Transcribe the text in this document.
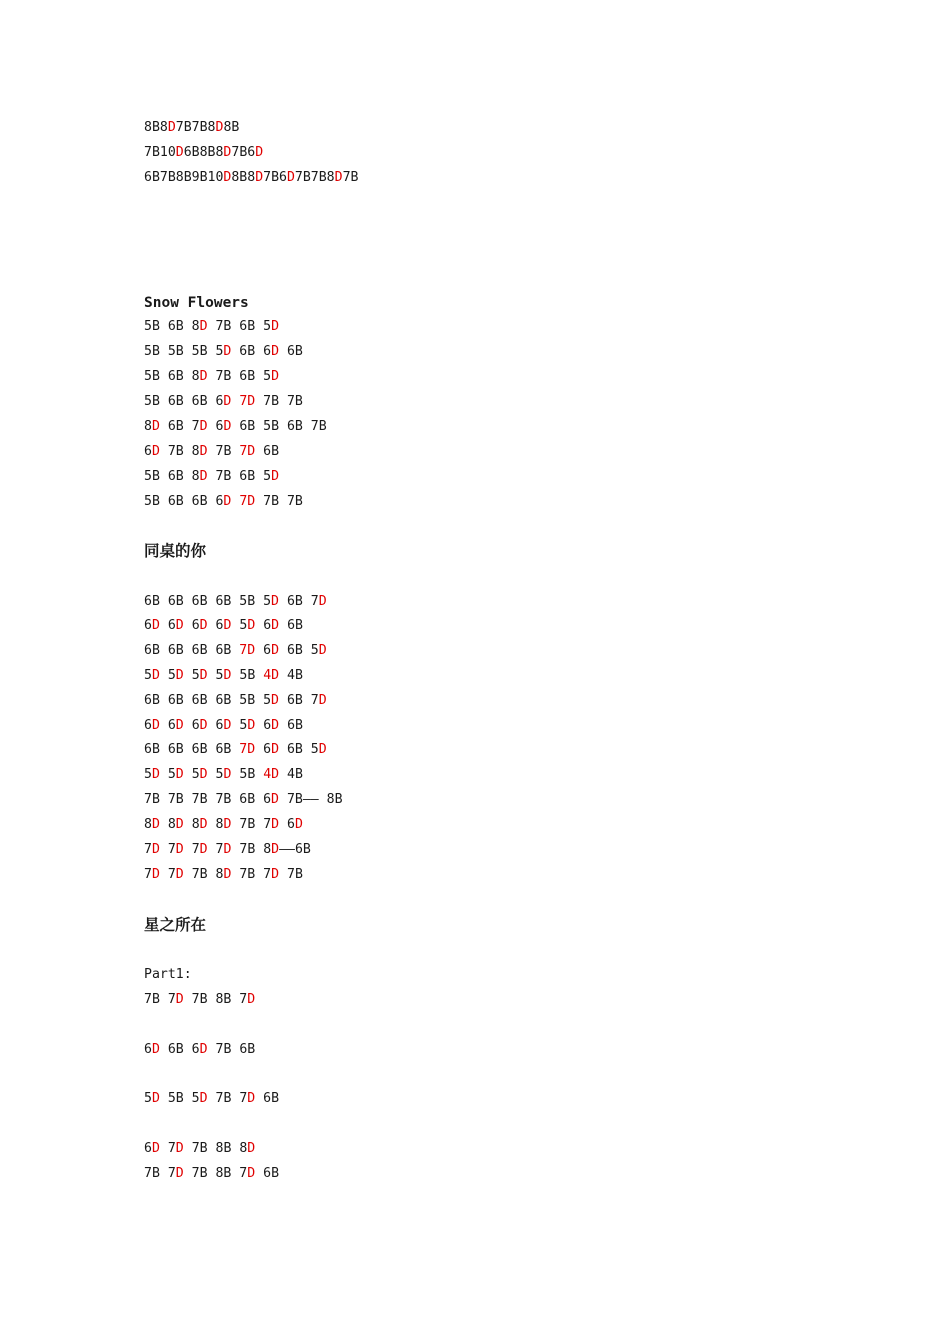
8B8D7B7B8D8B
7B10D6B8B8D7B6D
6B7B8B9B10D8B8D7B6D7B7B8D7B
Snow Flowers
5B 6B 8D 7B 6B 5D
5B 5B 5B 5D 6B 6D 6B
5B 6B 8D 7B 6B 5D
5B 6B 6B 6D 7D 7B 7B
8D 6B 7D 6D 6B 5B 6B 7B
6D 7B 8D 7B 7D 6B
5B 6B 8D 7B 6B 5D
5B 6B 6B 6D 7D 7B 7B
同桌的你
6B 6B 6B 6B 5B 5D 6B 7D
6D 6D 6D 6D 5D 6D 6B
6B 6B 6B 6B 7D 6D 6B 5D
5D 5D 5D 5D 5B 4D 4B
6B 6B 6B 6B 5B 5D 6B 7D
6D 6D 6D 6D 5D 6D 6B
6B 6B 6B 6B 7D 6D 6B 5D
5D 5D 5D 5D 5B 4D 4B
7B 7B 7B 7B 6B 6D 7B—— 8B
8D 8D 8D 8D 7B 7D 6D
7D 7D 7D 7D 7B 8D——6B
7D 7D 7B 8D 7B 7D 7B
星之所在
Part1:
7B 7D 7B 8B 7D
6D 6B 6D 7B 6B
5D 5B 5D 7B 7D 6B
6D 7D 7B 8B 8D
7B 7D 7B 8B 7D 6B
